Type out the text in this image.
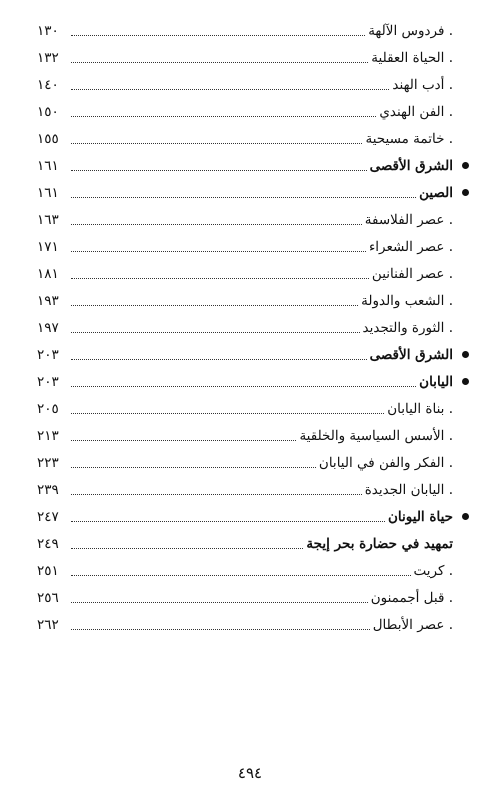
. فردوس الآلهة
١٣٠
. الحياة العقلية
١٣٢
. أدب الهند
١٤٠
. الفن الهندي
١٥٠
. خاتمة مسيحية
١٥٥
الشرق الأقصى
١٦١
الصين
١٦١
. عصر الفلاسفة
١٦٣
. عصر الشعراء
١٧١
. عصر الفنانين
١٨١
. الشعب والدولة
١٩٣
. الثورة والتجديد
١٩٧
الشرق الأقصى
٢٠٣
اليابان
٢٠٣
. بناة اليابان
٢٠٥
. الأسس السياسية والخلقية
٢١٣
. الفكر والفن في اليابان
٢٢٣
. اليابان الجديدة
٢٣٩
حياة اليونان
٢٤٧
تمهيد في حضارة بحر إيجة
٢٤٩
. كريت
٢٥١
. قبل أجممنون
٢٥٦
. عصر الأبطال
٢٦٢
٤٩٤
